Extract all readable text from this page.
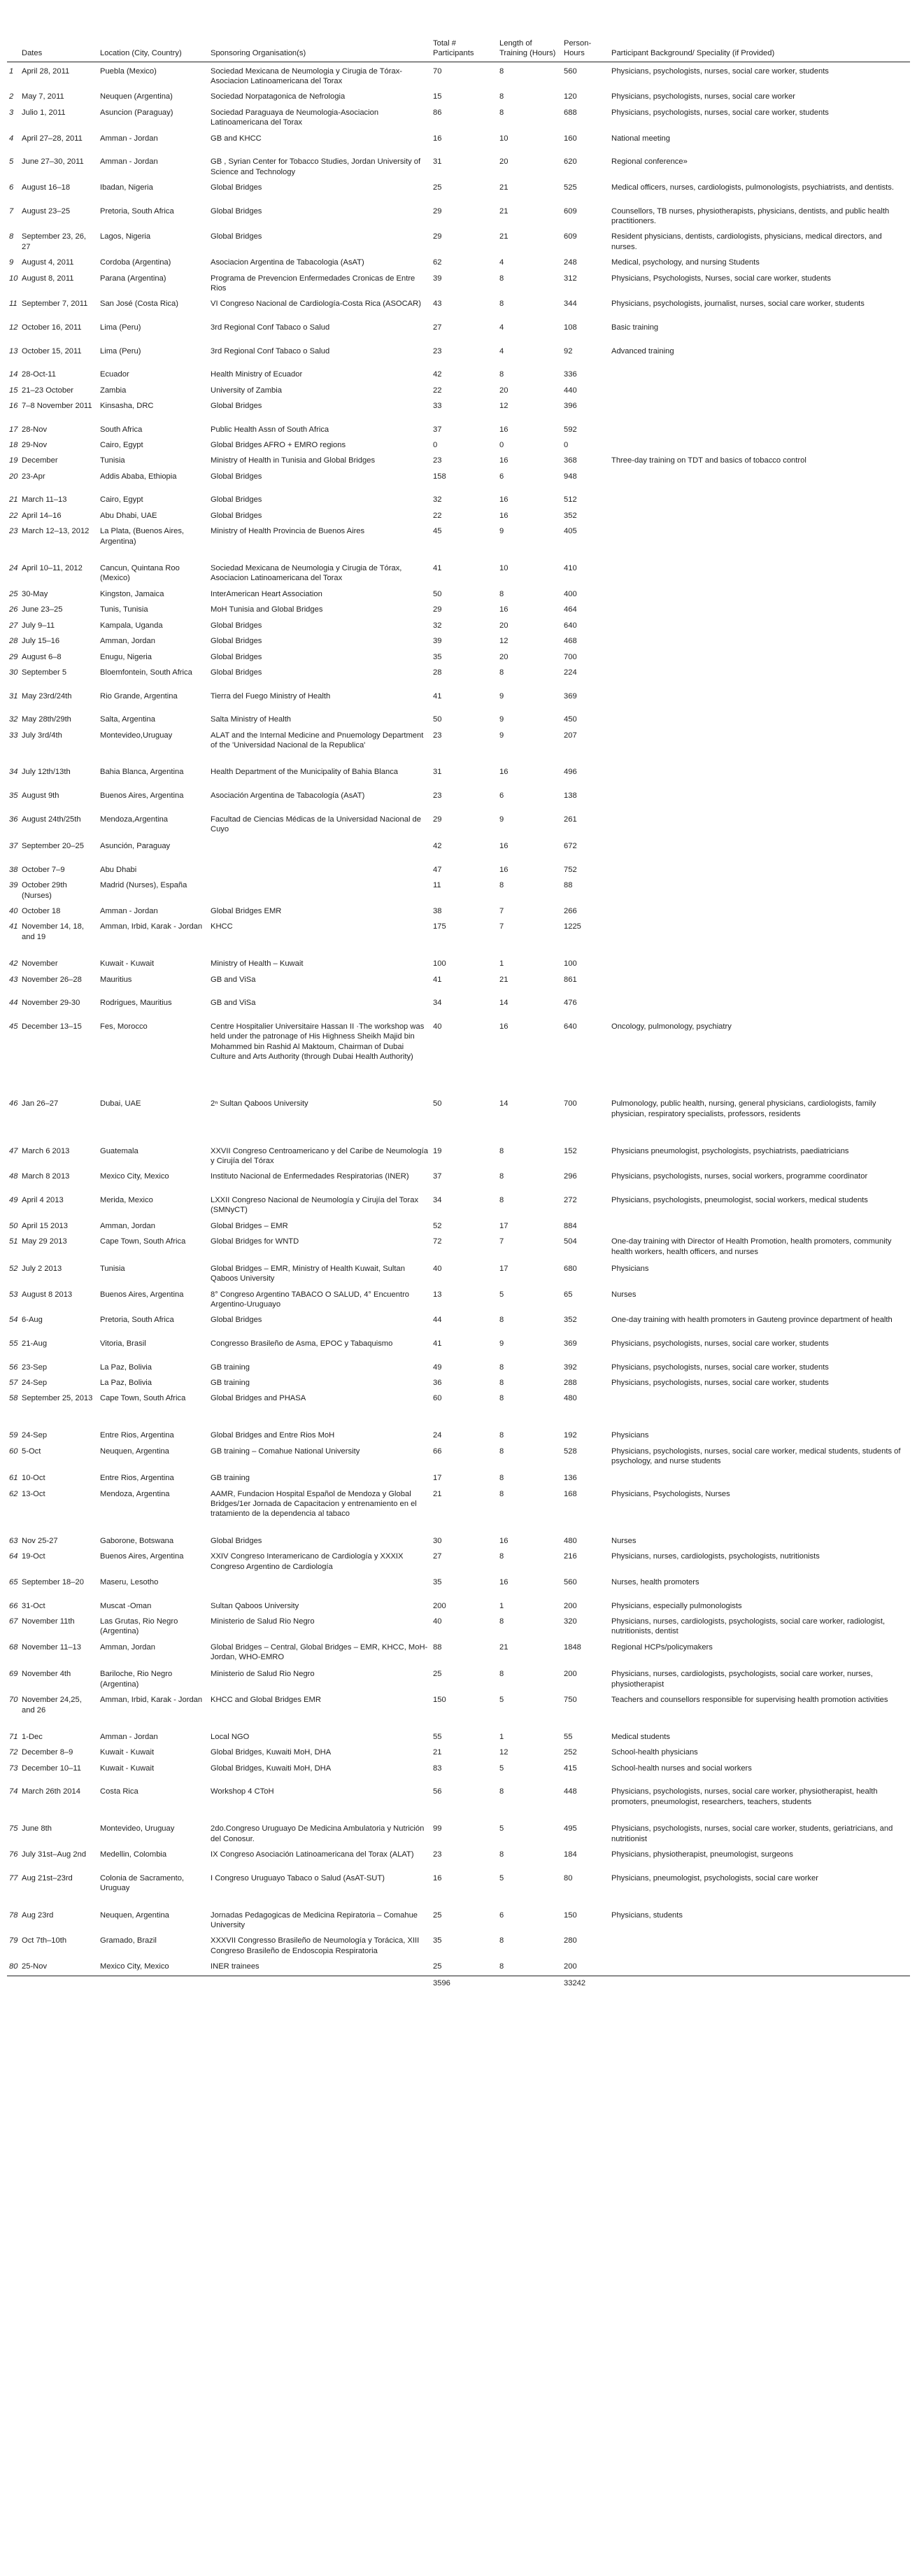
	Dates	Location (City, Country)	Sponsoring Organisation(s)	Total # Participants	Length of Training (Hours)	Person-Hours	Participant Background/ Speciality (if Provided)
1	April 28, 2011	Puebla (Mexico)	Sociedad Mexicana de Neumologia y Cirugia de Tórax-Asociacion Latinoamericana del Torax	70	8	560	Physicians, psychologists, nurses, social care worker, students
2	May 7, 2011	Neuquen (Argentina)	Sociedad Norpatagonica de Nefrologia	15	8	120	Physicians, psychologists, nurses, social care worker
3	Julio 1, 2011	Asuncion (Paraguay)	Sociedad Paraguaya de Neumologia-Asociacion Latinoamericana del Torax	86	8	688	Physicians, psychologists, nurses, social care worker, students
4	April 27–28, 2011	Amman - Jordan	GB and KHCC	16	10	160	National meeting
5	June 27–30, 2011	Amman - Jordan	GB , Syrian Center for Tobacco Studies, Jordan University of Science and Technology	31	20	620	Regional conference»
6	August 16–18	Ibadan, Nigeria	Global Bridges	25	21	525	Medical officers, nurses, cardiologists, pulmonologists, psychiatrists, and dentists.
7	August 23–25	Pretoria, South Africa	Global Bridges	29	21	609	Counsellors, TB nurses, physiotherapists, physicians, dentists, and public health practitioners.
8	September 23, 26, 27	Lagos, Nigeria	Global Bridges	29	21	609	Resident physicians, dentists, cardiologists, physicians, medical directors, and nurses.
9	August 4, 2011	Cordoba (Argentina)	Asociacion Argentina de Tabacologia (AsAT)	62	4	248	Medical, psychology, and nursing Students
10	August 8, 2011	Parana (Argentina)	Programa de Prevencion Enfermedades Cronicas de Entre Rios	39	8	312	Physicians, Psychologists, Nurses, social care worker, students
11	September 7, 2011	San José (Costa Rica)	VI Congreso Nacional de Cardiología-Costa Rica (ASOCAR)	43	8	344	Physicians, psychologists, journalist, nurses, social care worker, students
12	October 16, 2011	Lima (Peru)	3rd Regional Conf Tabaco o Salud	27	4	108	Basic training
13	October 15, 2011	Lima (Peru)	3rd Regional Conf Tabaco o Salud	23	4	92	Advanced training
14	28-Oct-11	Ecuador	Health Ministry of Ecuador	42	8	336	
15	21–23 October	Zambia	University of Zambia	22	20	440	
16	7–8 November 2011	Kinsasha, DRC	Global Bridges	33	12	396	
17	28-Nov	South Africa	Public Health Assn of South Africa	37	16	592	
18	29-Nov	Cairo, Egypt	Global Bridges AFRO + EMRO regions	0	0	0	
19	December	Tunisia	Ministry of Health in Tunisia and Global Bridges	23	16	368	Three-day training on TDT and basics of tobacco control
20	23-Apr	Addis Ababa, Ethiopia	Global Bridges	158	6	948	
21	March 11–13	Cairo, Egypt	Global Bridges	32	16	512	
22	April 14–16	Abu Dhabi, UAE	Global Bridges	22	16	352	
23	March 12–13, 2012	La Plata, (Buenos Aires, Argentina)	Ministry of Health Provincia de Buenos Aires	45	9	405	
24	April 10–11, 2012	Cancun, Quintana Roo (Mexico)	Sociedad Mexicana de Neumologia y Cirugia de Tórax, Asociacion Latinoamericana del Torax	41	10	410	
25	30-May	Kingston, Jamaica	InterAmerican Heart Association	50	8	400	
26	June 23–25	Tunis, Tunisia	MoH Tunisia and Global Bridges	29	16	464	
27	July 9–11	Kampala, Uganda	Global Bridges	32	20	640	
28	July 15–16	Amman, Jordan	Global Bridges	39	12	468	
29	August 6–8	Enugu, Nigeria	Global Bridges	35	20	700	
30	September 5	Bloemfontein, South Africa	Global Bridges	28	8	224	
31	May 23rd/24th	Rio Grande, Argentina	Tierra del Fuego Ministry of Health	41	9	369	
32	May 28th/29th	Salta, Argentina	Salta Ministry of Health	50	9	450	
33	July 3rd/4th	Montevideo,Uruguay	ALAT and the Internal Medicine and Pnuemology Department of the 'Universidad Nacional de la Republica'	23	9	207	
34	July 12th/13th	Bahia Blanca, Argentina	Health Department of the Municipality of Bahia Blanca	31	16	496	
35	August 9th	Buenos Aires, Argentina	Asociación Argentina de Tabacología (AsAT)	23	6	138	
36	August 24th/25th	Mendoza,Argentina	Facultad de Ciencias Médicas de la Universidad Nacional de Cuyo	29	9	261	
37	September 20–25	Asunción, Paraguay		42	16	672	
38	October 7–9	Abu Dhabi		47	16	752	
39	October 29th (Nurses)	Madrid (Nurses), España		11	8	88	
40	October 18	Amman - Jordan	Global Bridges EMR	38	7	266	
41	November 14, 18, and 19	Amman, Irbid, Karak - Jordan	KHCC	175	7	1225	
42	November	Kuwait - Kuwait	Ministry of Health – Kuwait	100	1	100	
43	November 26–28	Mauritius	GB and ViSa	41	21	861	
44	November 29-30	Rodrigues, Mauritius	GB and ViSa	34	14	476	
45	December 13–15	Fes, Morocco	Centre Hospitalier Universitaire Hassan II ·The workshop was held under the patronage of His Highness Sheikh Majid bin Mohammed bin Rashid Al Maktoum, Chairman of Dubai Culture and Arts Authority (through Dubai Health Authority)	40	16	640	Oncology, pulmonology, psychiatry
46	Jan 26–27	Dubai, UAE	2ⁿ Sultan Qaboos University	50	14	700	Pulmonology, public health, nursing, general physicians, cardiologists, family physician, respiratory specialists, professors, residents
47	March 6 2013	Guatemala	XXVII Congreso Centroamericano y del Caribe de Neumología y Cirujía del Tórax	19	8	152	Physicians pneumologist, psychologists, psychiatrists, paediatricians
48	March 8 2013	Mexico City, Mexico	Instituto Nacional de Enfermedades Respiratorias (INER)	37	8	296	Physicians, psychologists, nurses, social workers, programme coordinator
49	April 4 2013	Merida, Mexico	LXXII Congreso Nacional de Neumología y Cirujía del Torax (SMNyCT)	34	8	272	Physicians, psychologists, pneumologist, social workers, medical students
50	April 15 2013	Amman, Jordan	Global Bridges – EMR	52	17	884	
51	May 29 2013	Cape Town, South Africa	Global Bridges for WNTD	72	7	504	One-day training with Director of Health Promotion, health promoters, community health workers, health officers, and nurses
52	July 2 2013	Tunisia	Global Bridges – EMR, Ministry of Health Kuwait, Sultan Qaboos University	40	17	680	Physicians
53	August 8 2013	Buenos Aires, Argentina	8° Congreso Argentino TABACO O SALUD, 4° Encuentro Argentino-Uruguayo	13	5	65	Nurses
54	6-Aug	Pretoria, South Africa	Global Bridges	44	8	352	One-day training with health promoters in Gauteng province department of health
55	21-Aug	Vitoria, Brasil	Congresso Brasileño de Asma, EPOC y Tabaquismo	41	9	369	Physicians, psychologists, nurses, social care worker, students
56	23-Sep	La Paz, Bolivia	GB training	49	8	392	Physicians, psychologists, nurses, social care worker, students
57	24-Sep	La Paz, Bolivia	GB training	36	8	288	Physicians, psychologists, nurses, social care worker, students
58	September 25, 2013	Cape Town, South Africa	Global Bridges and PHASA	60	8	480	
59	24-Sep	Entre Rios, Argentina	Global Bridges and Entre Rios MoH	24	8	192	Physicians
60	5-Oct	Neuquen, Argentina	GB training – Comahue National University	66	8	528	Physicians, psychologists, nurses, social care worker, medical students, students of psychology, and nurse students
61	10-Oct	Entre Rios, Argentina	GB training	17	8	136	
62	13-Oct	Mendoza, Argentina	AAMR, Fundacion Hospital Español de Mendoza y Global Bridges/1er Jornada de Capacitacion y entrenamiento en el tratamiento de la dependencia al tabaco	21	8	168	Physicians, Psychologists, Nurses
63	Nov 25-27	Gaborone, Botswana	Global Bridges	30	16	480	Nurses
64	19-Oct	Buenos Aires, Argentina	XXIV Congreso Interamericano de Cardiología y XXXIX Congreso Argentino de Cardiología	27	8	216	Physicians, nurses, cardiologists, psychologists, nutritionists
65	September 18–20	Maseru, Lesotho		35	16	560	Nurses, health promoters
66	31-Oct	Muscat -Oman	Sultan Qaboos University	200	1	200	Physicians, especially pulmonologists
67	November 11th	Las Grutas, Rio Negro (Argentina)	Ministerio de Salud Rio Negro	40	8	320	Physicians, nurses, cardiologists, psychologists, social care worker, radiologist, nutritionists, dentist
68	November 11–13	Amman, Jordan	Global Bridges – Central, Global Bridges – EMR, KHCC, MoH-Jordan, WHO-EMRO	88	21	1848	Regional HCPs/policymakers
69	November 4th	Bariloche, Rio Negro (Argentina)	Ministerio de Salud Rio Negro	25	8	200	Physicians, nurses, cardiologists, psychologists, social care worker, nurses, physiotherapist
70	November 24,25, and 26	Amman, Irbid, Karak - Jordan	KHCC and Global Bridges EMR	150	5	750	Teachers and counsellors responsible for supervising health promotion activities
71	1-Dec	Amman - Jordan	Local NGO	55	1	55	Medical students
72	December 8–9	Kuwait - Kuwait	Global Bridges, Kuwaiti MoH, DHA	21	12	252	School-health physicians
73	December 10–11	Kuwait - Kuwait	Global Bridges, Kuwaiti MoH, DHA	83	5	415	School-health nurses and social workers
74	March 26th 2014	Costa Rica	Workshop 4 CToH	56	8	448	Physicians, psychologists, nurses, social care worker, physiotherapist, health promoters, pneumologist, researchers, teachers, students
75	June 8th	Montevideo, Uruguay	2do.Congreso Uruguayo De Medicina Ambulatoria y Nutrición del Conosur.	99	5	495	Physicians, psychologists, nurses, social care worker, students, geriatricians, and nutritionist
76	July 31st–Aug 2nd	Medellin, Colombia	IX Congreso Asociación Latinoamericana del Torax (ALAT)	23	8	184	Physicians, physiotherapist, pneumologist, surgeons
77	Aug 21st–23rd	Colonia de Sacramento, Uruguay	I Congreso Uruguayo Tabaco o Salud (AsAT-SUT)	16	5	80	Physicians, pneumologist, psychologists, social care worker
78	Aug 23rd	Neuquen, Argentina	Jornadas Pedagogicas de Medicina Repiratoria – Comahue University	25	6	150	Physicians, students
79	Oct 7th–10th	Gramado, Brazil	XXXVII Congresso Brasileño de Neumología y Torácica, XIII Congreso Brasileño de Endoscopia Respiratoria	35	8	280	
80	25-Nov	Mexico City, Mexico	INER trainees	25	8	200	
				3596		33242	
